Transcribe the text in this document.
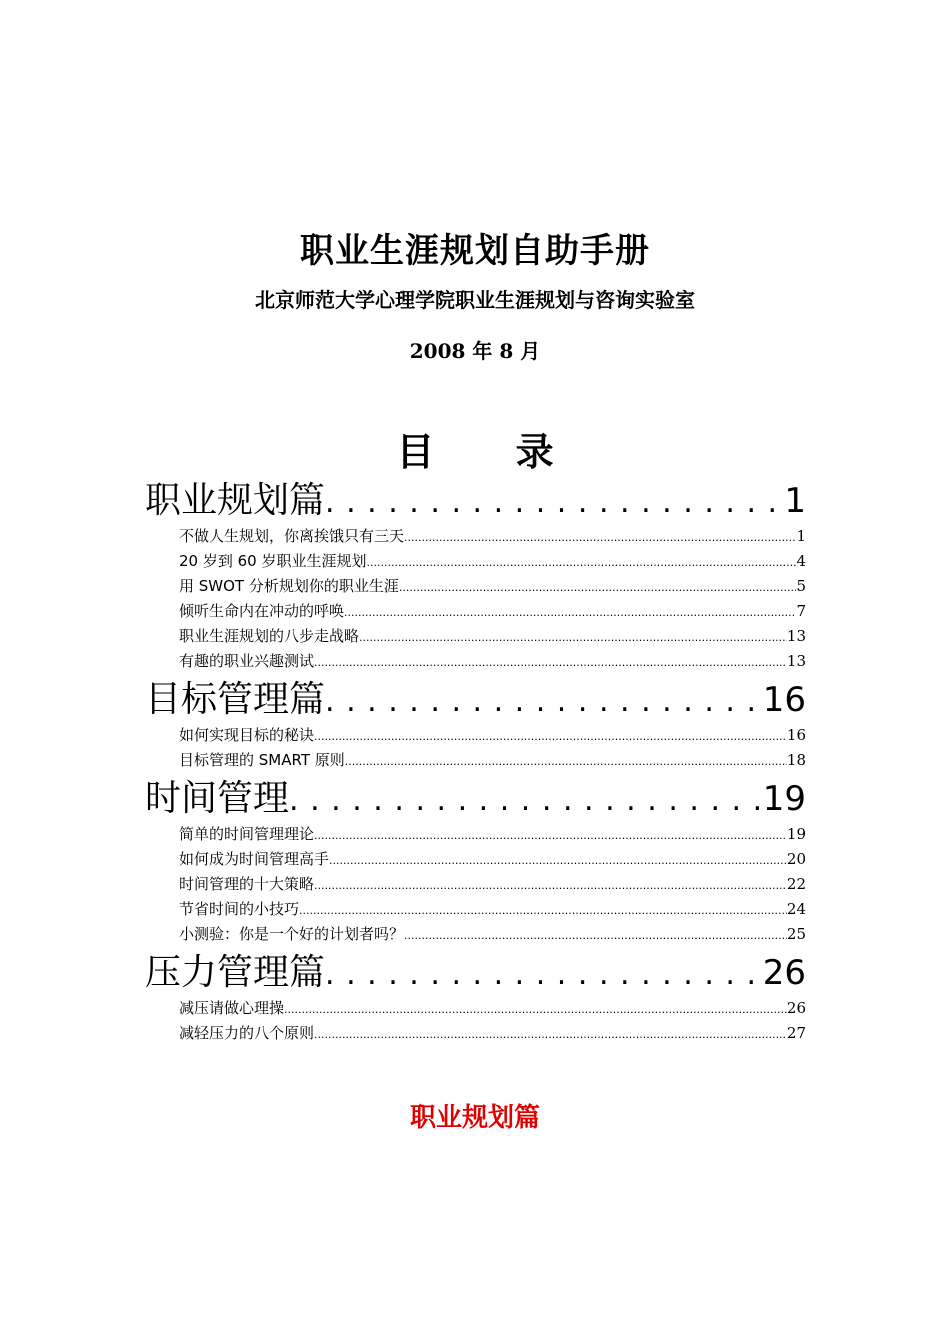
职业生涯规划自助手册
北京师范大学心理学院职业生涯规划与咨询实验室
2008 年 8 月
目 录
职业规划篇 . . .	1
不做人生规划，你离挨饿只有三天 .....	1
20 岁到 60 岁职业生涯规划 .....	4
用 SWOT 分析规划你的职业生涯 .....	5
倾听生命内在冲动的呼唤 .....	7
职业生涯规划的八步走战略 .....	13
有趣的职业兴趣测试 .....	13
目标管理篇 . . .	16
如何实现目标的秘诀 .....	16
目标管理的 SMART 原则 .....	18
时间管理 . . .	19
简单的时间管理理论 .....	19
如何成为时间管理高手 .....	20
时间管理的十大策略 .....	22
节省时间的小技巧 .....	24
小测验：你是一个好的计划者吗？ .....	25
压力管理篇 . . .	26
减压请做心理操 .....	26
减轻压力的八个原则 .....	27
职业规划篇
